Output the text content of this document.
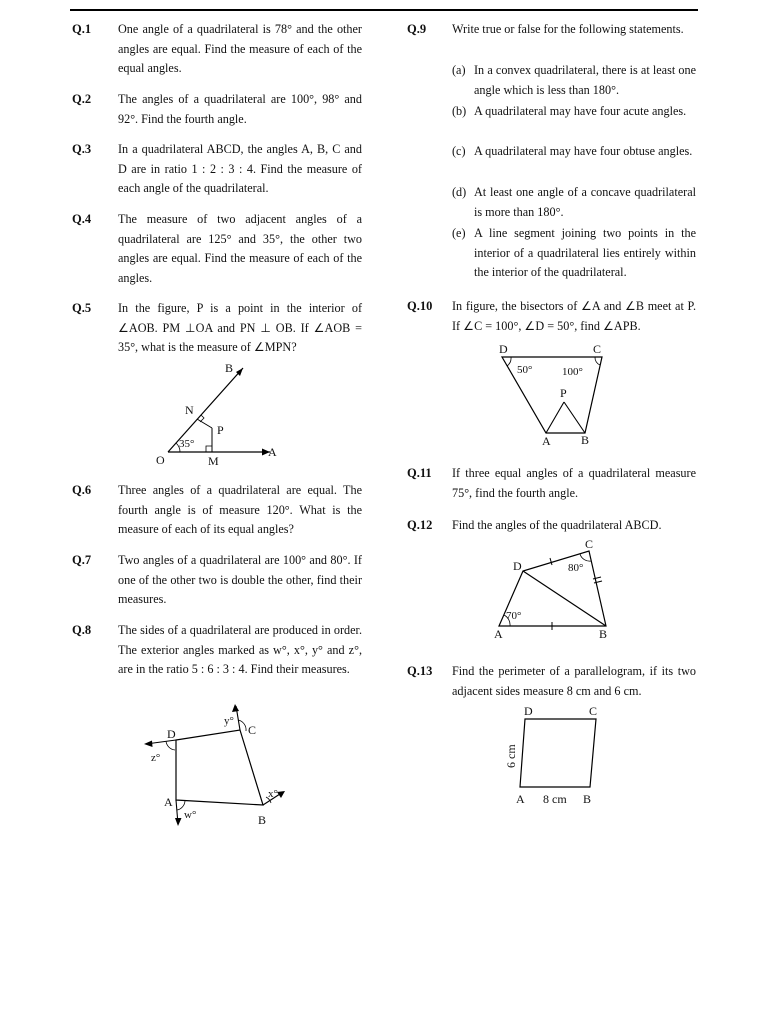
Q.1 One angle of a quadrilateral is 78° and the other angles are equal. Find the measure of each of the equal angles.
Q.2 The angles of a quadrilateral are 100°, 98° and 92°. Find the fourth angle.
Q.3 In a quadrilateral ABCD, the angles A, B, C and D are in ratio 1 : 2 : 3 : 4. Find the measure of each angle of the quadrilateral.
Q.4 The measure of two adjacent angles of a quadrilateral are 125° and 35°, the other two angles are equal. Find the measure of each of the angles.
Q.5 In the figure, P is a point in the interior of ∠AOB. PM ⊥OA and PN ⊥ OB. If ∠AOB = 35°, what is the measure of ∠MPN?
B
N
P
O	M
A
35°
Q.6 Three angles of a quadrilateral are equal. The fourth angle is of measure 120°. What is the measure of each of its equal angles?
Q.7 Two angles of a quadrilateral are 100° and 80°. If one of the other two is double the other, find their measures.
Q.8 The sides of a quadrilateral are produced in order. The exterior angles marked as w°, x°, y° and z°, are in the ratio 5 : 6 : 3 : 4. Find their measures.
D	C
A
B
w°
x°
y°
z°
Q.9 Write true or false for the following statements.
(a) In a convex quadrilateral, there is at least one angle which is less than 180°.
(b) A quadrilateral may have four acute angles.
(c) A quadrilateral may have four obtuse angles.
(d) At least one angle of a concave quadrilateral is more than 180°.
(e) A line segment joining two points in the interior of a quadrilateral lies entirely within the interior of the quadrilateral.
Q.10 In figure, the bisectors of ∠A and ∠B meet at P. If ∠C = 100°, ∠D = 50°, find ∠APB.
D	C
P
A	B
50°	100°
Q.11 If three equal angles of a quadrilateral measure 75°, find the fourth angle.
Q.12 Find the angles of the quadrilateral ABCD.
D
C
A	B
80°
70°
Q.13 Find the perimeter of a parallelogram, if its two adjacent sides measure 8 cm and 6 cm.
D	C
A	B
8 cm
6 cm
